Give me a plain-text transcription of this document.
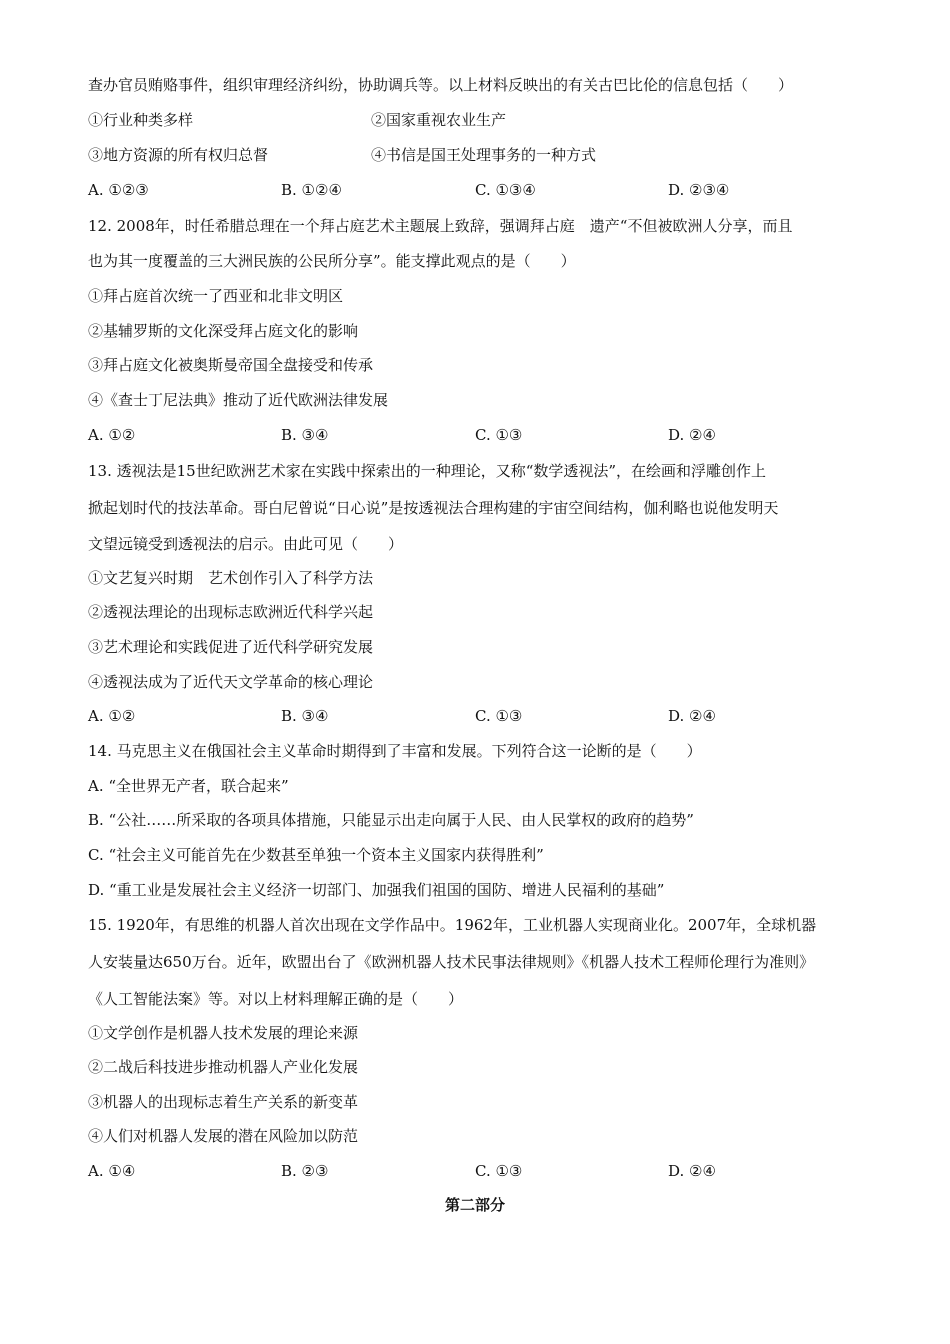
查办官员贿赂事件，组织审理经济纠纷，协助调兵等。以上材料反映出的有关古巴比伦的信息包括（　　）
①行业种类多样	②国家重视农业生产
③地方资源的所有权归总督	④书信是国王处理事务的一种方式
A. ①②③	B. ①②④	C. ①③④	D. ②③④
12. 2008年，时任希腊总理在一个拜占庭艺术主题展上致辞，强调拜占庭　遗产“不但被欧洲人分享，而且
也为其一度覆盖的三大洲民族的公民所分享”。能支撑此观点的是（　　）
①拜占庭首次统一了西亚和北非文明区
②基辅罗斯的文化深受拜占庭文化的影响
③拜占庭文化被奥斯曼帝国全盘接受和传承
④《查士丁尼法典》推动了近代欧洲法律发展
A. ①②	B. ③④	C. ①③	D. ②④
13. 透视法是15世纪欧洲艺术家在实践中探索出的一种理论，又称“数学透视法”，在绘画和浮雕创作上
掀起划时代的技法革命。哥白尼曾说“日心说”是按透视法合理构建的宇宙空间结构，伽利略也说他发明天
文望远镜受到透视法的启示。由此可见（　　）
①文艺复兴时期　艺术创作引入了科学方法
②透视法理论的出现标志欧洲近代科学兴起
③艺术理论和实践促进了近代科学研究发展
④透视法成为了近代天文学革命的核心理论
A. ①②	B. ③④	C. ①③	D. ②④
14. 马克思主义在俄国社会主义革命时期得到了丰富和发展。下列符合这一论断的是（　　）
A. “全世界无产者，联合起来”
B. “公社……所采取的各项具体措施，只能显示出走向属于人民、由人民掌权的政府的趋势”
C. “社会主义可能首先在少数甚至单独一个资本主义国家内获得胜利”
D. “重工业是发展社会主义经济一切部门、加强我们祖国的国防、增进人民福利的基础”
15. 1920年，有思维的机器人首次出现在文学作品中。1962年，工业机器人实现商业化。2007年，全球机器
人安装量达650万台。近年，欧盟出台了《欧洲机器人技术民事法律规则》《机器人技术工程师伦理行为准则》
《人工智能法案》等。对以上材料理解正确的是（　　）
①文学创作是机器人技术发展的理论来源
②二战后科技进步推动机器人产业化发展
③机器人的出现标志着生产关系的新变革
④人们对机器人发展的潜在风险加以防范
A. ①④	B. ②③	C. ①③	D. ②④
第二部分
